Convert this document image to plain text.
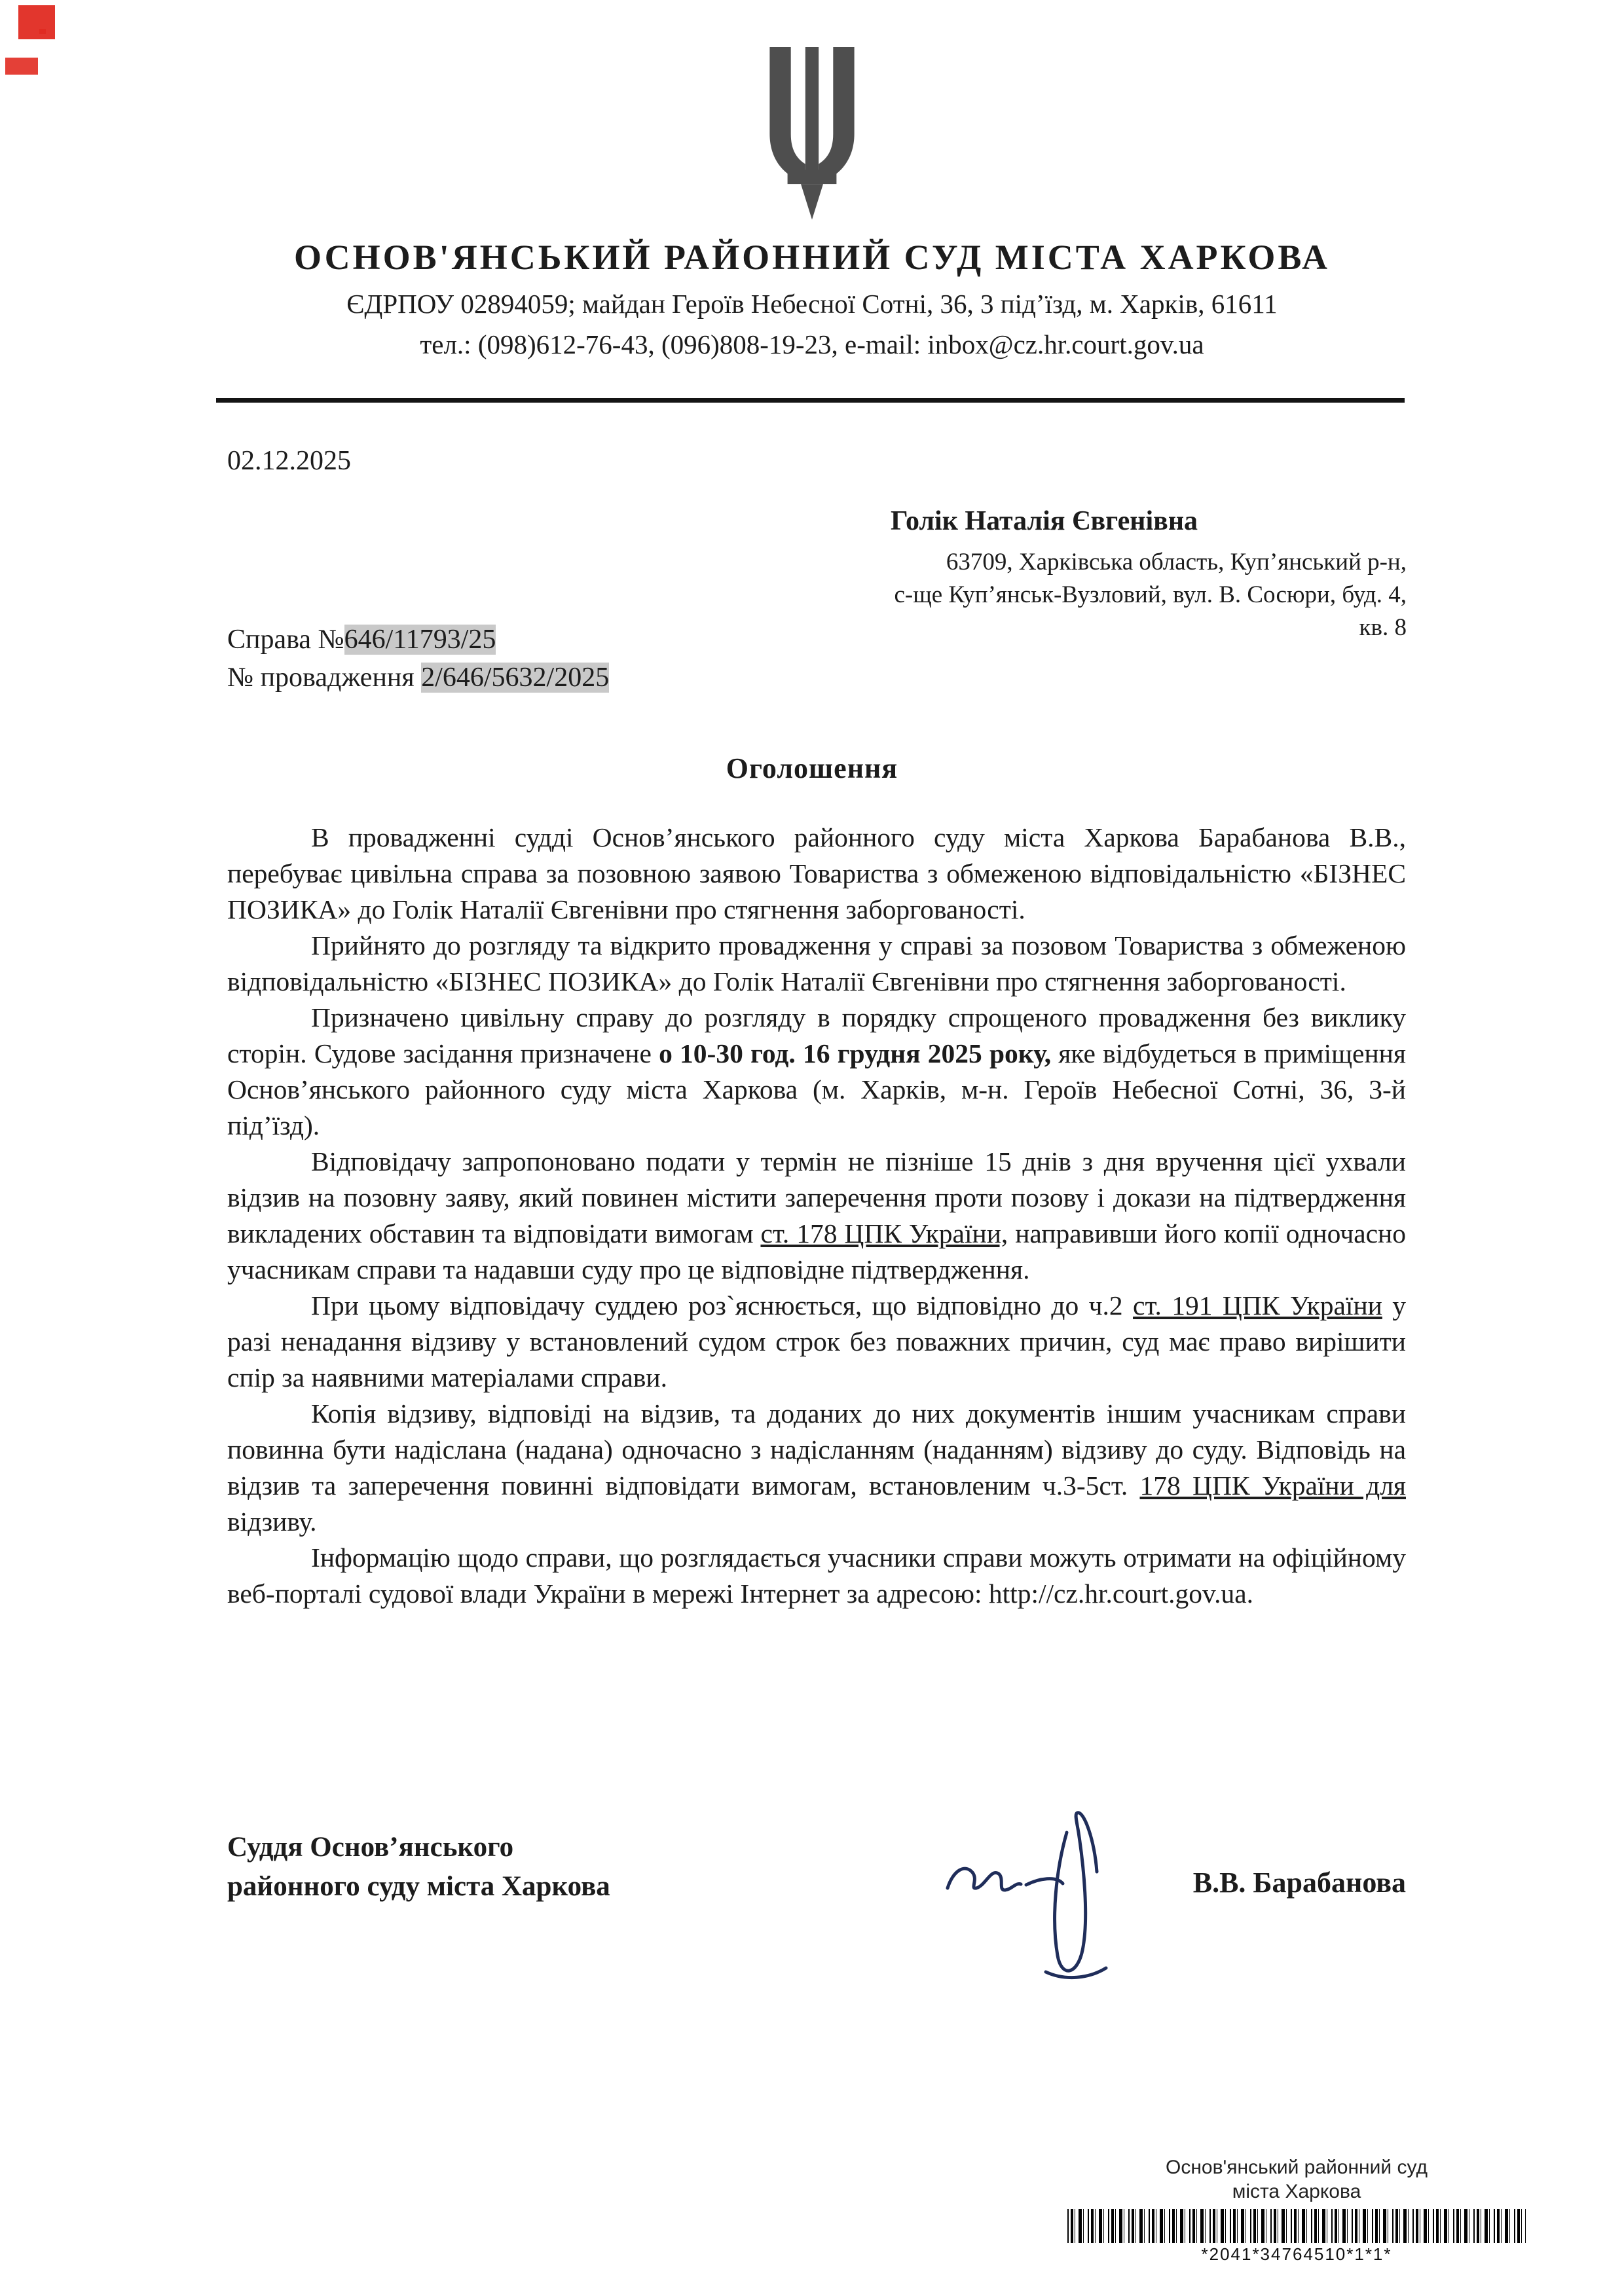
ОСНОВ'ЯНСЬКИЙ РАЙОННИЙ СУД МІСТА ХАРКОВА
ЄДРПОУ 02894059; майдан Героїв Небесної Сотні, 36, 3 під’їзд, м. Харків, 61611
тел.: (098)612-76-43, (096)808-19-23, e-mail: inbox@cz.hr.court.gov.ua
02.12.2025
Голік Наталія Євгенівна
63709, Харківська область, Куп’янський р-н,
с-ще Куп’янськ-Вузловий, вул. В. Сосюри, буд. 4, кв. 8
Справа №646/11793/25
№ провадження 2/646/5632/2025
Оголошення

В провадженні судді Основ’янського районного суду міста Харкова Барабанова В.В., перебуває цивільна справа за позовною заявою Товариства з обмеженою відповідальністю «БІЗНЕС ПОЗИКА» до Голік Наталії Євгенівни про стягнення заборгованості.

Прийнято до розгляду та відкрито провадження у справі за позовом Товариства з обмеженою відповідальністю «БІЗНЕС ПОЗИКА» до Голік Наталії Євгенівни про стягнення заборгованості.

Призначено цивільну справу до розгляду в порядку спрощеного провадження без виклику сторін. Судове засідання призначене о 10-30 год. 16 грудня 2025 року, яке відбудеться в приміщення Основ’янського районного суду міста Харкова (м. Харків, м-н. Героїв Небесної Сотні, 36, 3-й під’їзд).

Відповідачу запропоновано подати у термін не пізніше 15 днів з дня вручення цієї ухвали відзив на позовну заяву, який повинен містити заперечення проти позову і докази на підтвердження викладених обставин та відповідати вимогам ст. 178 ЦПК України, направивши його копії одночасно учасникам справи та надавши суду про це відповідне підтвердження.

При цьому відповідачу суддею роз`яснюється, що відповідно до ч.2 ст. 191 ЦПК України у разі ненадання відзиву у встановлений судом строк без поважних причин, суд має право вирішити спір за наявними матеріалами справи.

Копія відзиву, відповіді на відзив, та доданих до них документів іншим учасникам справи повинна бути надіслана (надана) одночасно з надісланням (наданням) відзиву до суду. Відповідь на відзив та заперечення повинні відповідати вимогам, встановленим ч.3-5ст. 178 ЦПК України для відзиву.

Інформацію щодо справи, що розглядається учасники справи можуть отримати на офіційному веб-порталі судової влади України в мережі Інтернет за адресою: http://cz.hr.court.gov.ua.

Суддя Основ’янського
районного суду міста Харкова	В.В. Барабанова
Основ'янський районний суд
міста Харкова
*2041*34764510*1*1*
